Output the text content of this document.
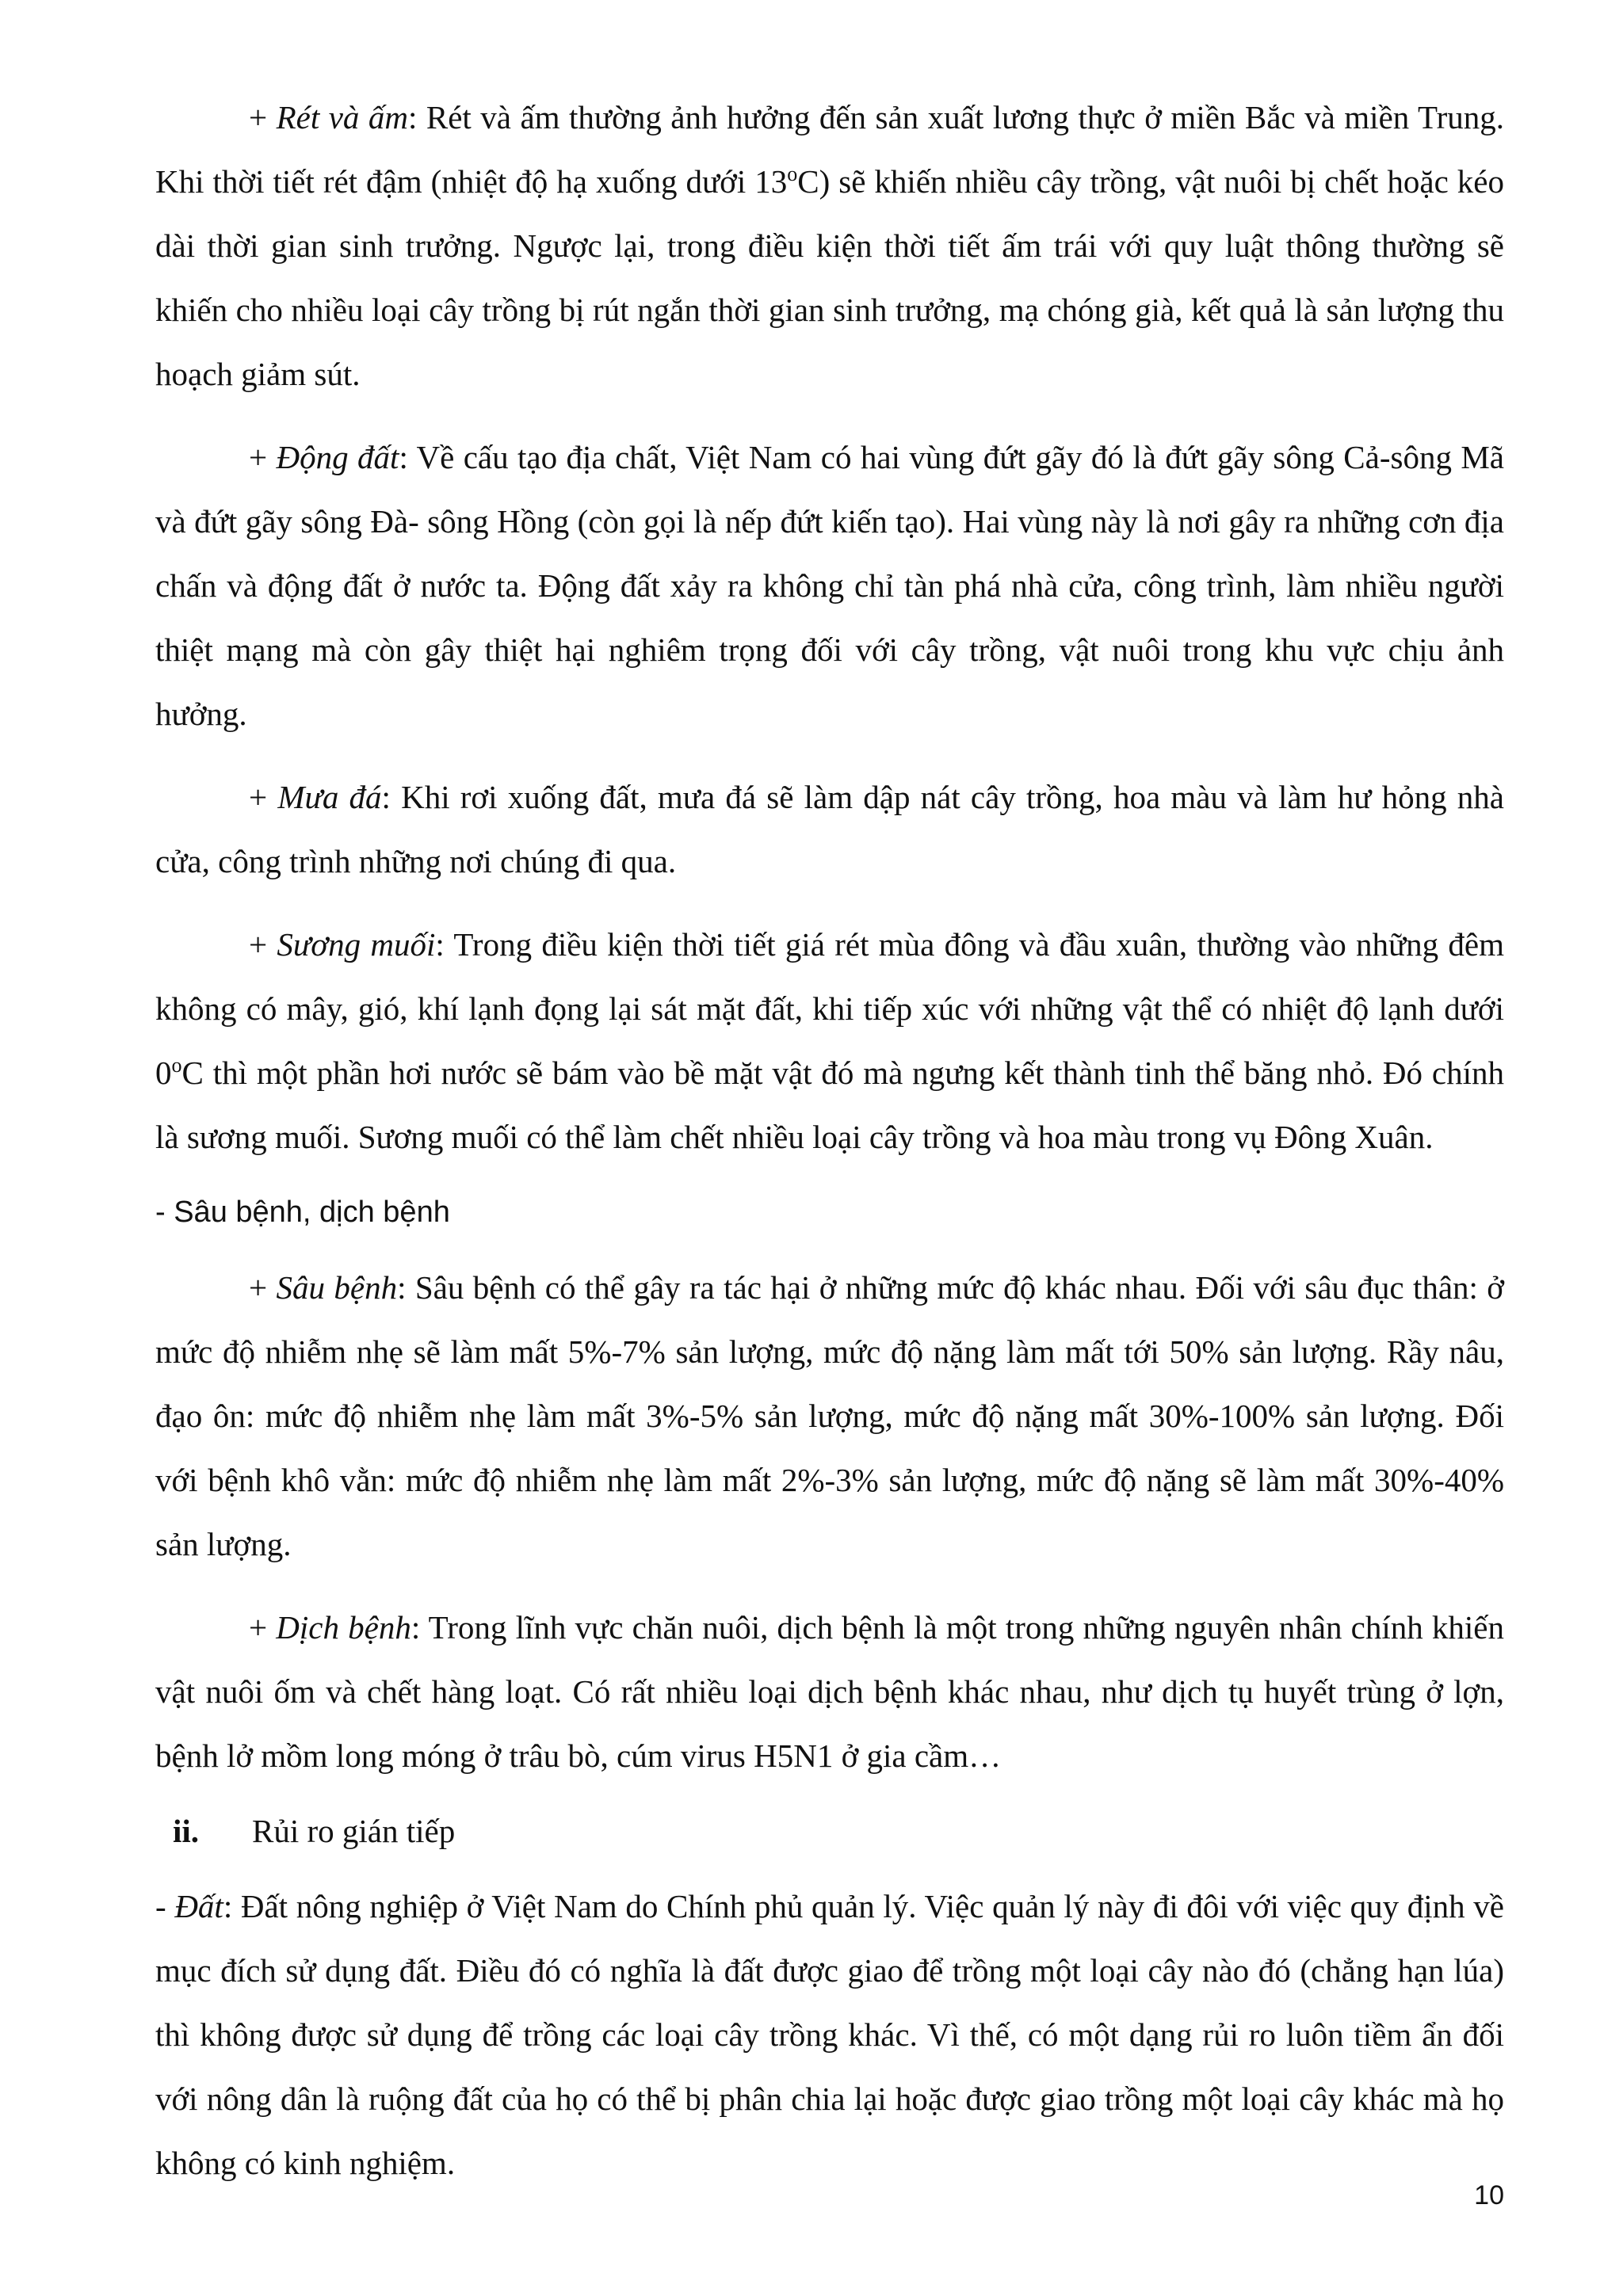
+ Rét và ấm: Rét và ấm thường ảnh hưởng đến sản xuất lương thực ở miền Bắc và miền Trung. Khi thời tiết rét đậm (nhiệt độ hạ xuống dưới 13$^o$C) sẽ khiến nhiều cây trồng, vật nuôi bị chết hoặc kéo dài thời gian sinh trưởng. Ngược lại, trong điều kiện thời tiết ấm trái với quy luật thông thường sẽ khiến cho nhiều loại cây trồng bị rút ngắn thời gian sinh trưởng, mạ chóng già, kết quả là sản lượng thu hoạch giảm sút.

+ Động đất: Về cấu tạo địa chất, Việt Nam có hai vùng đứt gãy đó là đứt gãy sông Cả-sông Mã và đứt gãy sông Đà- sông Hồng (còn gọi là nếp đứt kiến tạo). Hai vùng này là nơi gây ra những cơn địa chấn và động đất ở nước ta. Động đất xảy ra không chỉ tàn phá nhà cửa, công trình, làm nhiều người thiệt mạng mà còn gây thiệt hại nghiêm trọng đối với cây trồng, vật nuôi trong khu vực chịu ảnh hưởng.

+ Mưa đá: Khi rơi xuống đất, mưa đá sẽ làm dập nát cây trồng, hoa màu và làm hư hỏng nhà cửa, công trình những nơi chúng đi qua.

+ Sương muối: Trong điều kiện thời tiết giá rét mùa đông và đầu xuân, thường vào những đêm không có mây, gió, khí lạnh đọng lại sát mặt đất, khi tiếp xúc với những vật thể có nhiệt độ lạnh dưới 0$^o$C thì một phần hơi nước sẽ bám vào bề mặt vật đó mà ngưng kết thành tinh thể băng nhỏ. Đó chính là sương muối. Sương muối có thể làm chết nhiều loại cây trồng và hoa màu trong vụ Đông Xuân.

- Sâu bệnh, dịch bệnh

+ Sâu bệnh: Sâu bệnh có thể gây ra tác hại ở những mức độ khác nhau. Đối với sâu đục thân: ở mức độ nhiễm nhẹ sẽ làm mất 5%-7% sản lượng, mức độ nặng làm mất tới 50% sản lượng. Rầy nâu, đạo ôn: mức độ nhiễm nhẹ làm mất 3%-5% sản lượng, mức độ nặng mất 30%-100% sản lượng. Đối với bệnh khô vằn: mức độ nhiễm nhẹ làm mất 2%-3% sản lượng, mức độ nặng sẽ làm mất 30%-40% sản lượng.

+ Dịch bệnh: Trong lĩnh vực chăn nuôi, dịch bệnh là một trong những nguyên nhân chính khiến vật nuôi ốm và chết hàng loạt. Có rất nhiều loại dịch bệnh khác nhau, như dịch tụ huyết trùng ở lợn, bệnh lở mồm long móng ở trâu bò, cúm virus H5N1 ở gia cầm…

ii.	Rủi ro gián tiếp

- Đất: Đất nông nghiệp ở Việt Nam do Chính phủ quản lý. Việc quản lý này đi đôi với việc quy định về mục đích sử dụng đất. Điều đó có nghĩa là đất được giao để trồng một loại cây nào đó (chẳng hạn lúa) thì không được sử dụng để trồng các loại cây trồng khác. Vì thế, có một dạng rủi ro luôn tiềm ẩn đối với nông dân là ruộng đất của họ có thể bị phân chia lại hoặc được giao trồng một loại cây khác mà họ không có kinh nghiệm.

10
